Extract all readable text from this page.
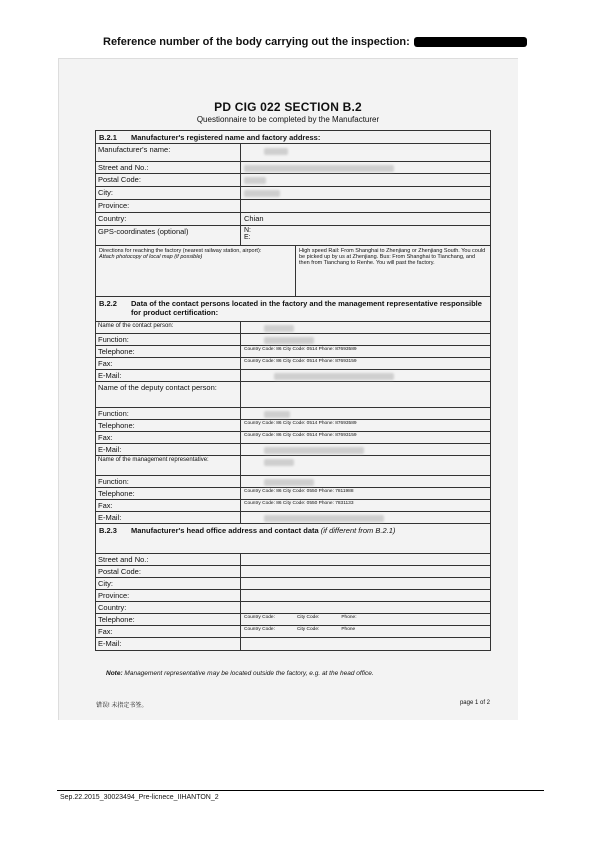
Reference number of the body carrying out the inspection:
PD CIG 022 SECTION B.2
Questionnaire to be completed by the Manufacturer
B.2.1 Manufacturer's registered name and factory address:
Manufacturer's name:
Street and No.:
Postal Code:
City:
Province:
Country:	Chian
GPS-coordinates (optional)	N:
E:
Directions for reaching the factory (nearest railway station, airport):
Attach photocopy of local map (if possible)
High speed Rail: From Shanghai to Zhenjiang or Zhenjiang South. You could be picked up by us at Zhenjiang. Bus: From Shanghai to Tianchang, and then from Tianchang to Renhe. You will past the factory.
B.2.2	Data of the contact persons located in the factory and the management representative responsible for product certification:
Name of the contact person:
Function:
Telephone:	Country Code: 86 City Code: 0514 Phone: 87693589
Fax:	Country Code: 86 City Code: 0514 Phone: 87693159
E-Mail:
Name of the deputy contact person:
Function:
Telephone:	Country Code: 86 City Code: 0514 Phone: 87693589
Fax:	Country Code: 86 City Code: 0514 Phone: 87693159
E-Mail:
Name of the management representative:
Function:
Telephone:	Country Code: 86 City Code: 0550 Phone: 7811988
Fax:	Country Code: 86 City Code: 0550 Phone: 7831133
E-Mail:
B.2.3 Manufacturer's head office address and contact data (if different from B.2.1)
Street and No.:
Postal Code:
City:
Province:
Country:
Telephone:	Country Code:	City Code:	Phone:
Fax:	Country Code:	City Code:	Phone
E-Mail:
Note: Management representative may be located outside the factory, e.g. at the head office.
错误! 未指定书签。	page 1 of 2
Sep.22.2015_30023494_Pre-licnece_IIHANTON_2
